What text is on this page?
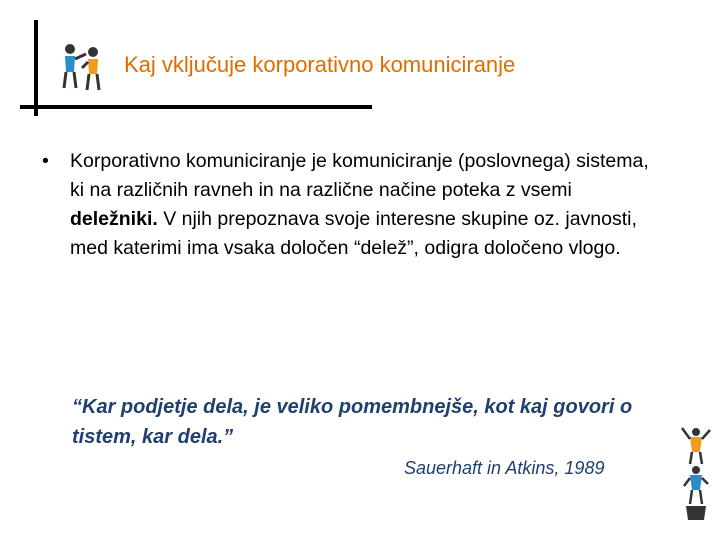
Kaj vključuje korporativno komuniciranje
• Korporativno komuniciranje je komuniciranje (poslovnega) sistema, ki na različnih ravneh in na različne načine poteka z vsemi deležniki. V njih prepoznava svoje interesne skupine oz. javnosti, med katerimi ima vsaka določen “delež”, odigra določeno vlogo.
“Kar podjetje dela, je veliko pomembnejše, kot kaj govori o tistem, kar dela.”
Sauerhaft in Atkins, 1989
